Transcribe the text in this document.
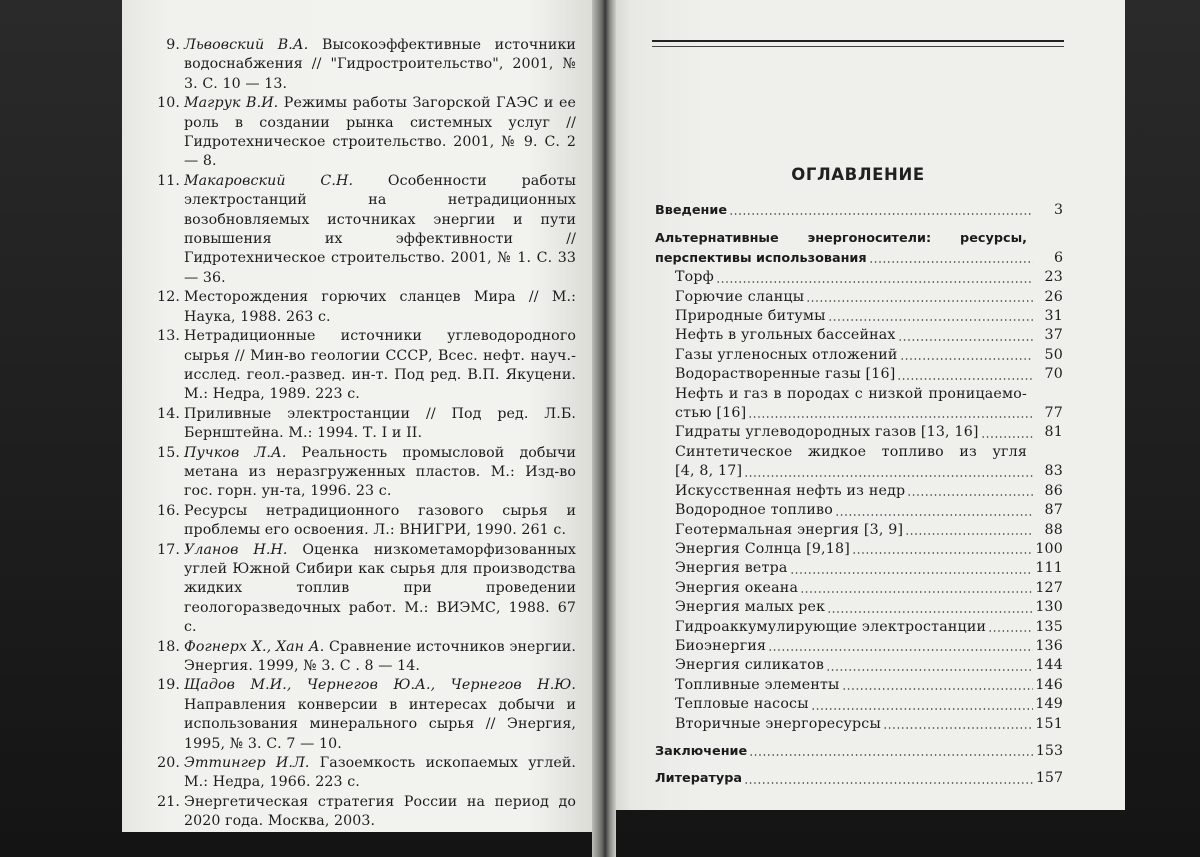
9. Львовский В.А. Высокоэффективные источники водоснабжения // "Гидростроительство", 2001, № 3. С. 10 — 13.

10. Магрук В.И. Режимы работы Загорской ГАЭС и ее роль в создании рынка системных услуг // Гидротехническое строительство. 2001, № 9. С. 2 — 8.

11. Макаровский С.Н. Особенности работы электростанций на нетрадиционных возобновляемых источниках энергии и пути повышения их эффективности // Гидротехническое строительство. 2001, № 1. С. 33 — 36.

12. Месторождения горючих сланцев Мира // М.: Наука, 1988. 263 с.

13. Нетрадиционные источники углеводородного сырья // Мин-во геологии СССР, Всес. нефт. науч.-исслед. геол.-развед. ин-т. Под ред. В.П. Якуцени. М.: Недра, 1989. 223 с.

14. Приливные электростанции // Под ред. Л.Б. Бернштейна. М.: 1994. Т. I и II.

15. Пучков Л.А. Реальность промысловой добычи метана из неразгруженных пластов. М.: Изд-во гос. горн. ун-та, 1996. 23 с.

16. Ресурсы нетрадиционного газового сырья и проблемы его освоения. Л.: ВНИГРИ, 1990. 261 с.

17. Уланов Н.Н. Оценка низкометаморфизованных углей Южной Сибири как сырья для производства жидких топлив при проведении геологоразведочных работ. М.: ВИЭМС, 1988. 67 с.

18. Фогнерх Х., Хан А. Сравнение источников энергии. Энергия. 1999, № 3. С . 8 — 14.

19. Щадов М.И., Чернегов Ю.А., Чернегов Н.Ю. Направления конверсии в интересах добычи и использования минерального сырья // Энергия, 1995, № 3. С. 7 — 10.

20. Эттингер И.Л. Газоемкость ископаемых углей. М.: Недра, 1966. 223 с.

21. Энергетическая стратегия России на период до 2020 года. Москва, 2003.

ОГЛАВЛЕНИЕ
Введение	3
Альтернативные энергоносители: ресурсы,
перспективы использования	6
Торф	23
Горючие сланцы	26
Природные битумы	31
Нефть в угольных бассейнах	37
Газы угленосных отложений	50
Водорастворенные газы [16]	70
Нефть и газ в породах с низкой проницаемо-
стью [16]	77
Гидраты углеводородных газов [13, 16]	81
Синтетическое жидкое топливо из угля
[4, 8, 17]	83
Искусственная нефть из недр	86
Водородное топливо	87
Геотермальная энергия [3, 9]	88
Энергия Солнца [9,18]	100
Энергия ветра	111
Энергия океана	127
Энергия малых рек	130
Гидроаккумулирующие электростанции	135
Биоэнергия	136
Энергия силикатов	144
Топливные элементы	146
Тепловые насосы	149
Вторичные энергоресурсы	151
Заключение	153
Литература	157
